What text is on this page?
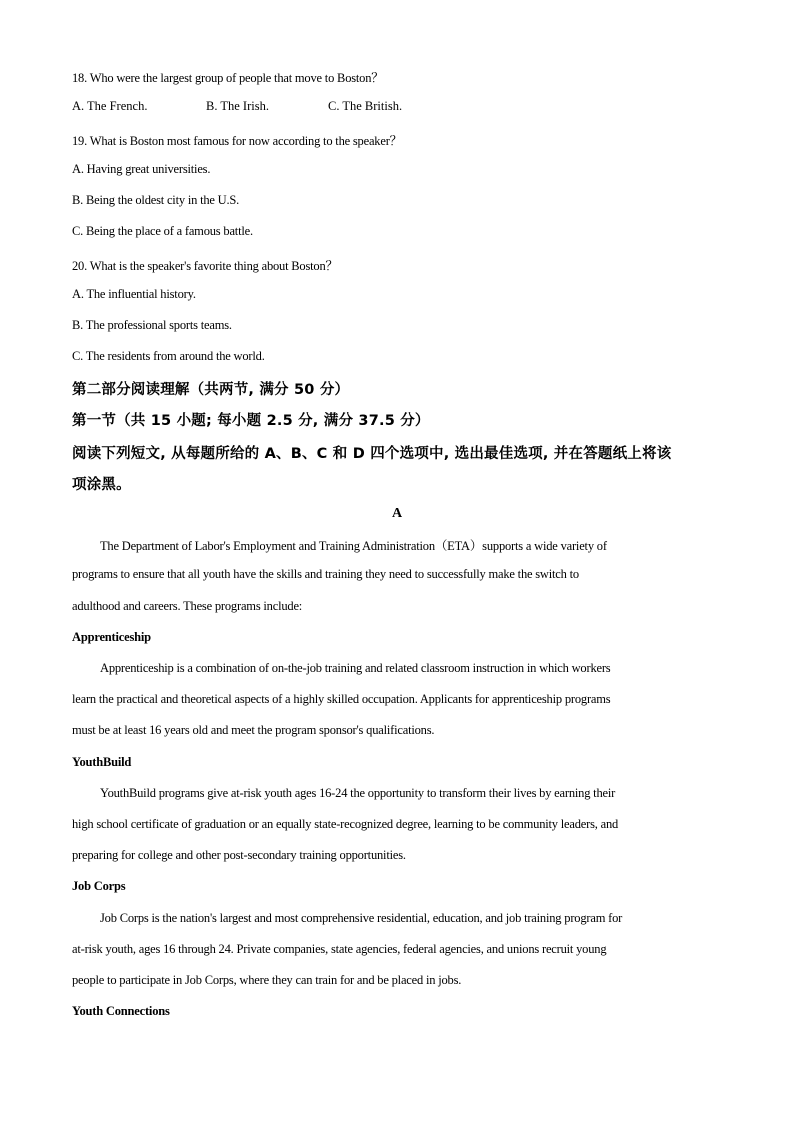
18. Who were the largest group of people that move to Boston？
A. The French.	B. The Irish.	C. The British.
19. What is Boston most famous for now according to the speaker？
A. Having great universities.
B. Being the oldest city in the U.S.
C. Being the place of a famous battle.
20. What is the speaker's favorite thing about Boston？
A. The influential history.
B. The professional sports teams.
C. The residents from around the world.
第二部分阅读理解（共两节, 满分 50 分）
第一节（共 15 小题; 每小题 2.5 分, 满分 37.5 分）
阅读下列短文, 从每题所给的 A、B、C 和 D 四个选项中, 选出最佳选项, 并在答题纸上将该
项涂黑。
A
The Department of Labor's Employment and Training Administration（ETA）supports a wide variety of
programs to ensure that all youth have the skills and training they need to successfully make the switch to
adulthood and careers. These programs include:
Apprenticeship
Apprenticeship is a combination of on-the-job training and related classroom instruction in which workers
learn the practical and theoretical aspects of a highly skilled occupation. Applicants for apprenticeship programs
must be at least 16 years old and meet the program sponsor's qualifications.
YouthBuild
YouthBuild programs give at-risk youth ages 16-24 the opportunity to transform their lives by earning their
high school certificate of graduation or an equally state-recognized degree, learning to be community leaders, and
preparing for college and other post-secondary training opportunities.
Job Corps
Job Corps is the nation's largest and most comprehensive residential, education, and job training program for
at-risk youth, ages 16 through 24. Private companies, state agencies, federal agencies, and unions recruit young
people to participate in Job Corps, where they can train for and be placed in jobs.
Youth Connections
